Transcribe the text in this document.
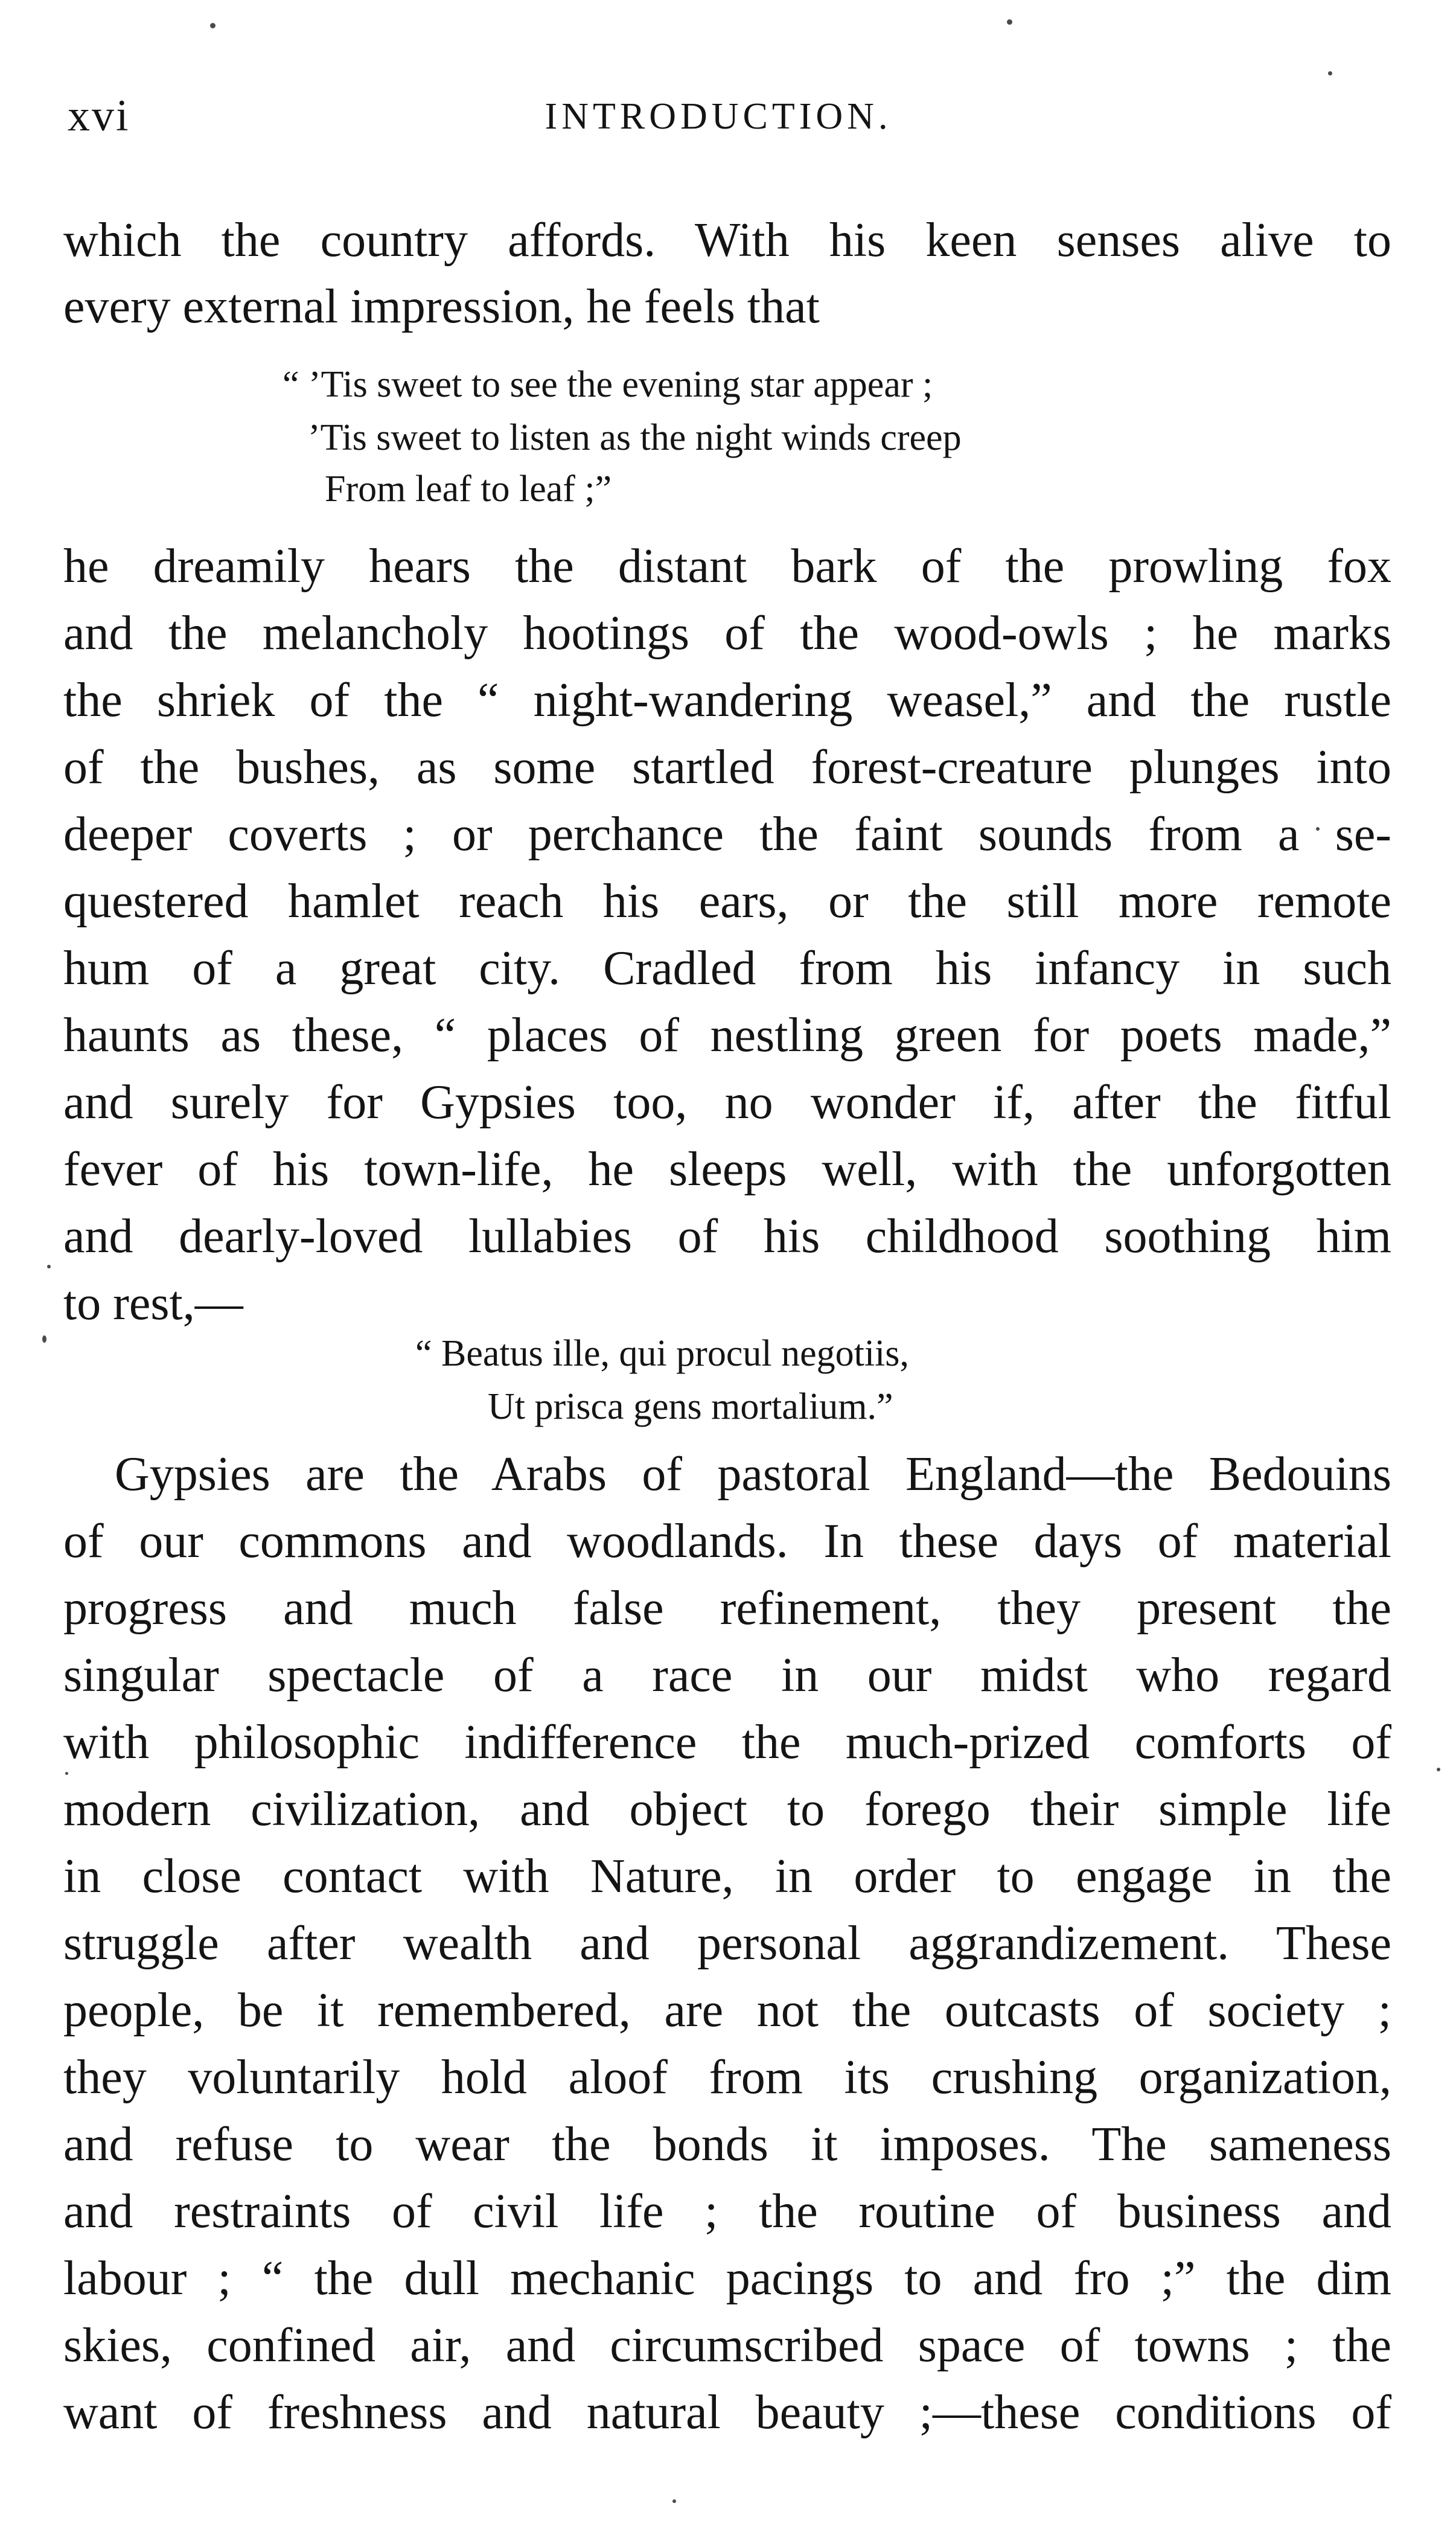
xvi	INTRODUCTION.
which the country affords. With his keen senses alive to
every external impression, he feels that
“ ’Tis sweet to see the evening star appear ;
’Tis sweet to listen as the night winds creep
From leaf to leaf ;”
he dreamily hears the distant bark of the prowling fox
and the melancholy hootings of the wood-owls ; he marks
the shriek of the “ night-wandering weasel,” and the rustle
of the bushes, as some startled forest-creature plunges into
deeper coverts ; or perchance the faint sounds from a se-
questered hamlet reach his ears, or the still more remote
hum of a great city. Cradled from his infancy in such
haunts as these, “ places of nestling green for poets made,”
and surely for Gypsies too, no wonder if, after the fitful
fever of his town-life, he sleeps well, with the unforgotten
and dearly-loved lullabies of his childhood soothing him
to rest,—
“ Beatus ille, qui procul negotiis,
Ut prisca gens mortalium.”
Gypsies are the Arabs of pastoral England—the Bedouins
of our commons and woodlands. In these days of material
progress and much false refinement, they present the
singular spectacle of a race in our midst who regard
with philosophic indifference the much-prized comforts of
modern civilization, and object to forego their simple life
in close contact with Nature, in order to engage in the
struggle after wealth and personal aggrandizement. These
people, be it remembered, are not the outcasts of society ;
they voluntarily hold aloof from its crushing organization,
and refuse to wear the bonds it imposes. The sameness
and restraints of civil life ; the routine of business and
labour ; “ the dull mechanic pacings to and fro ;” the dim
skies, confined air, and circumscribed space of towns ; the
want of freshness and natural beauty ;—these conditions of
